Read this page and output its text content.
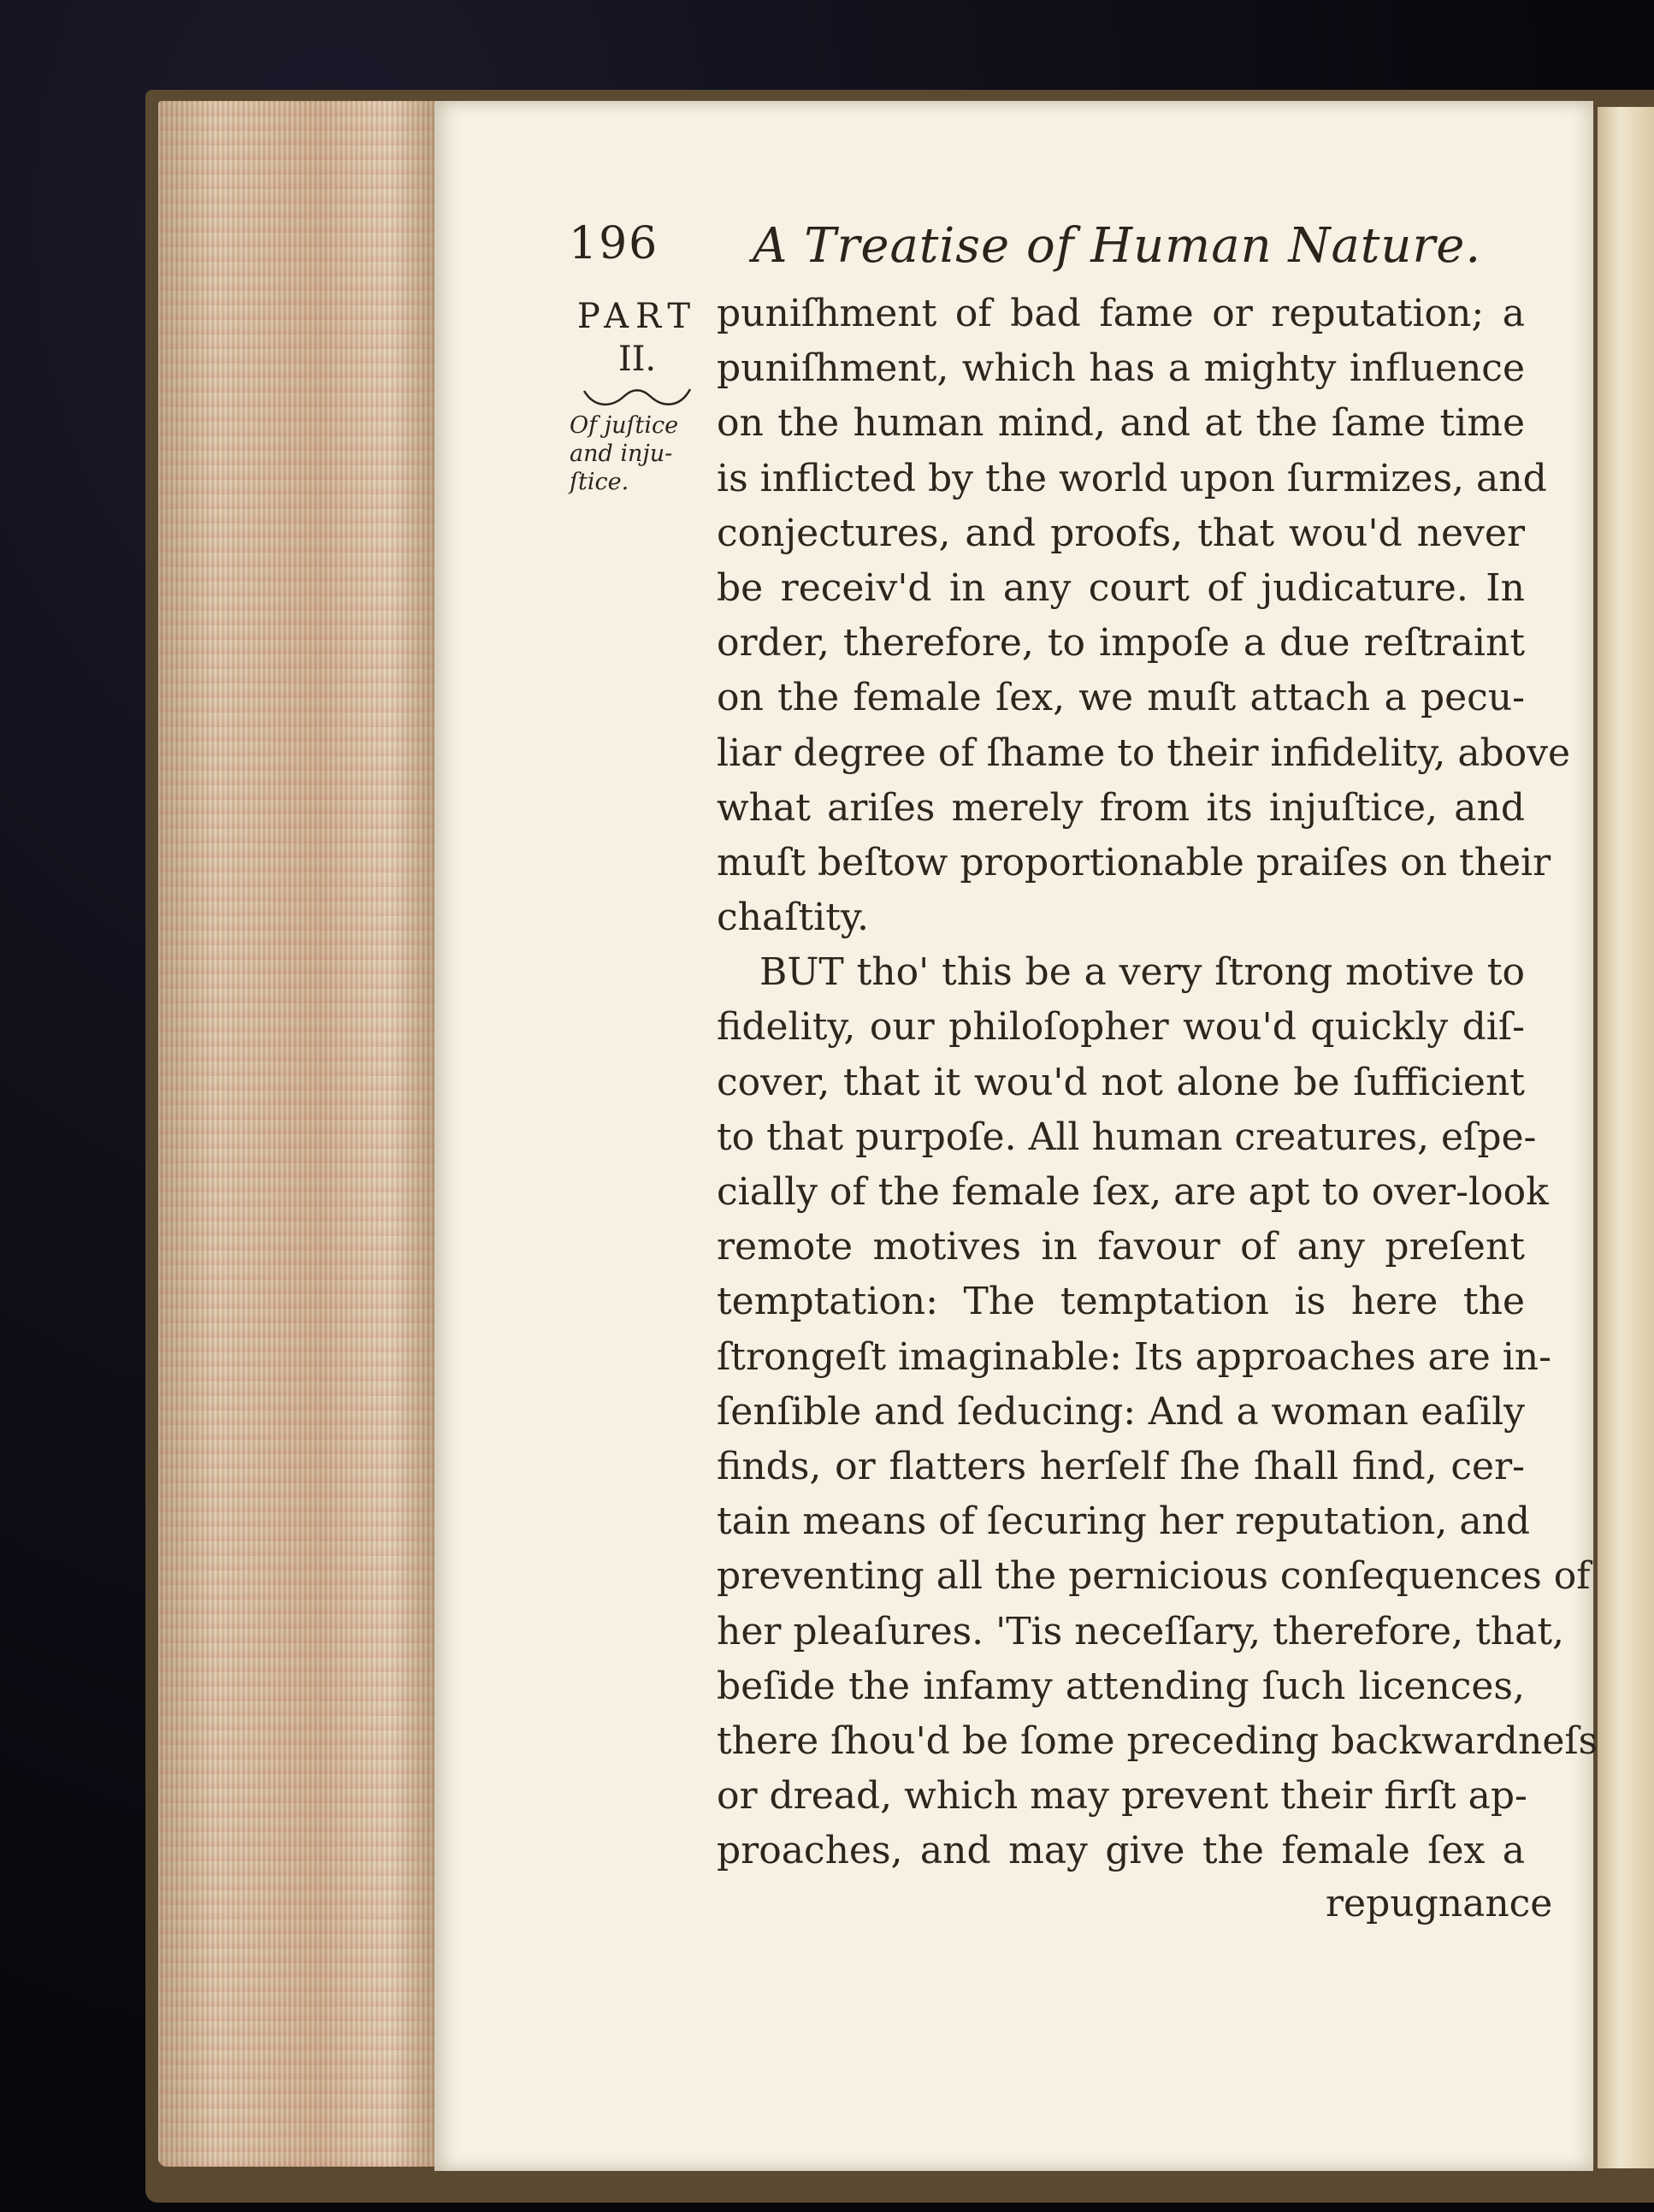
196 A Treatise of Human Nature.
PART
II.
Of juſtice
and inju-
ſtice.
puniſhment of bad fame or reputation; a
puniſhment, which has a mighty influence
on the human mind, and at the ſame time
is inflicted by the world upon ſurmizes, and
conjectures, and proofs, that wou'd never
be receiv'd in any court of judicature. In
order, therefore, to impoſe a due reſtraint
on the female ſex, we muſt attach a pecu-
liar degree of ſhame to their infidelity, above
what ariſes merely from its injuſtice, and
muſt beſtow proportionable praiſes on their
chaſtity.
BUT tho' this be a very ſtrong motive to
fidelity, our philoſopher wou'd quickly diſ-
cover, that it wou'd not alone be ſufficient
to that purpoſe. All human creatures, eſpe-
cially of the female ſex, are apt to over-look
remote motives in favour of any preſent
temptation: The temptation is here the
ſtrongeſt imaginable: Its approaches are in-
ſenſible and ſeducing: And a woman eaſily
finds, or flatters herſelf ſhe ſhall find, cer-
tain means of ſecuring her reputation, and
preventing all the pernicious conſequences of
her pleaſures. 'Tis neceſſary, therefore, that,
beſide the infamy attending ſuch licences,
there ſhou'd be ſome preceding backwardneſs
or dread, which may prevent their firſt ap-
proaches, and may give the female ſex a
repugnance
